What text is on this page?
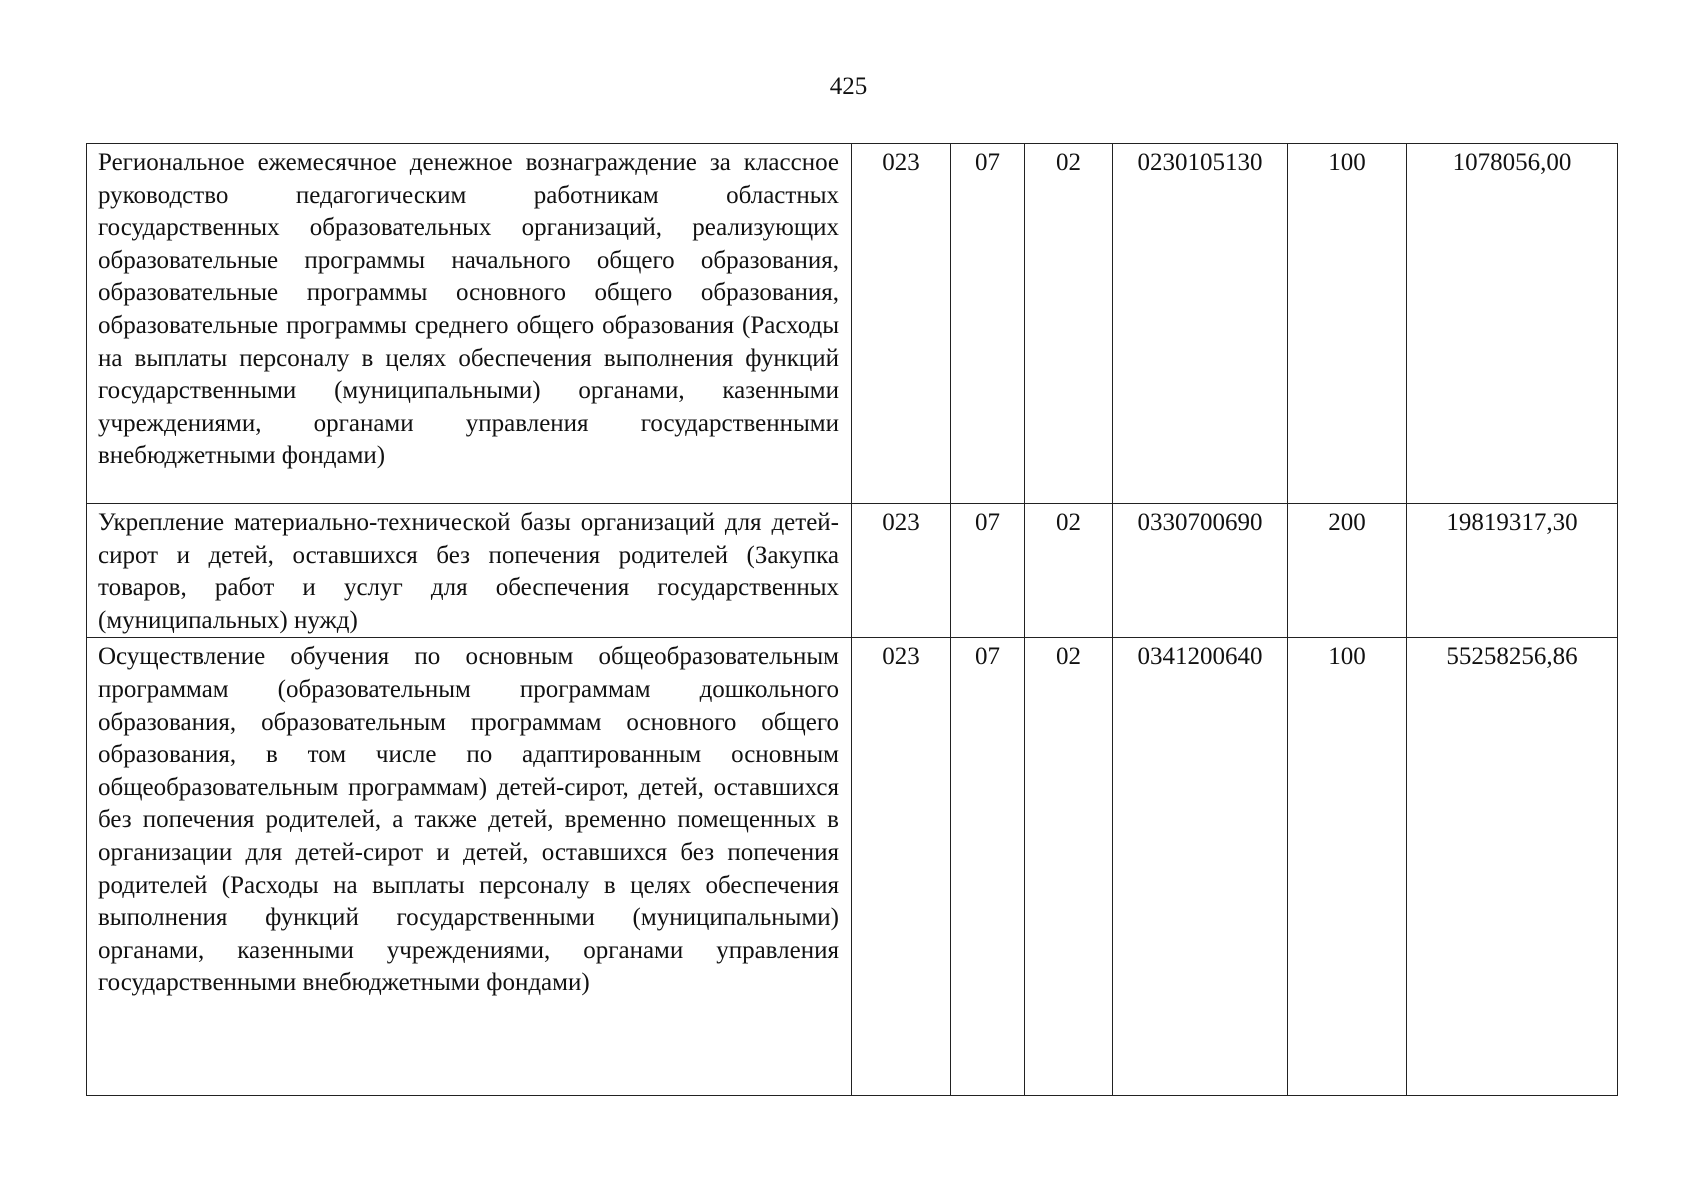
425
Региональное ежемесячное денежное вознаграждение за классное руководство педагогическим работникам областных государственных образовательных организаций, реализующих образовательные программы начального общего образования, образовательные программы основного общего образования, образовательные программы среднего общего образования (Расходы на выплаты персоналу в целях обеспечения выполнения функций государственными (муниципальными) органами, казенными учреждениями, органами управления государственными внебюджетными фондами)	023	07	02	0230105130	100	1078056,00
Укрепление материально-технической базы организаций для детей-сирот и детей, оставшихся без попечения родителей (Закупка товаров, работ и услуг для обеспечения государственных (муниципальных) нужд)	023	07	02	0330700690	200	19819317,30
Осуществление обучения по основным общеобразовательным программам (образовательным программам дошкольного образования, образовательным программам основного общего образования, в том числе по адаптированным основным общеобразовательным программам) детей-сирот, детей, оставшихся без попечения родителей, а также детей, временно помещенных в организации для детей-сирот и детей, оставшихся без попечения родителей (Расходы на выплаты персоналу в целях обеспечения выполнения функций государственными (муниципальными) органами, казенными учреждениями, органами управления государственными внебюджетными фондами)	023	07	02	0341200640	100	55258256,86
